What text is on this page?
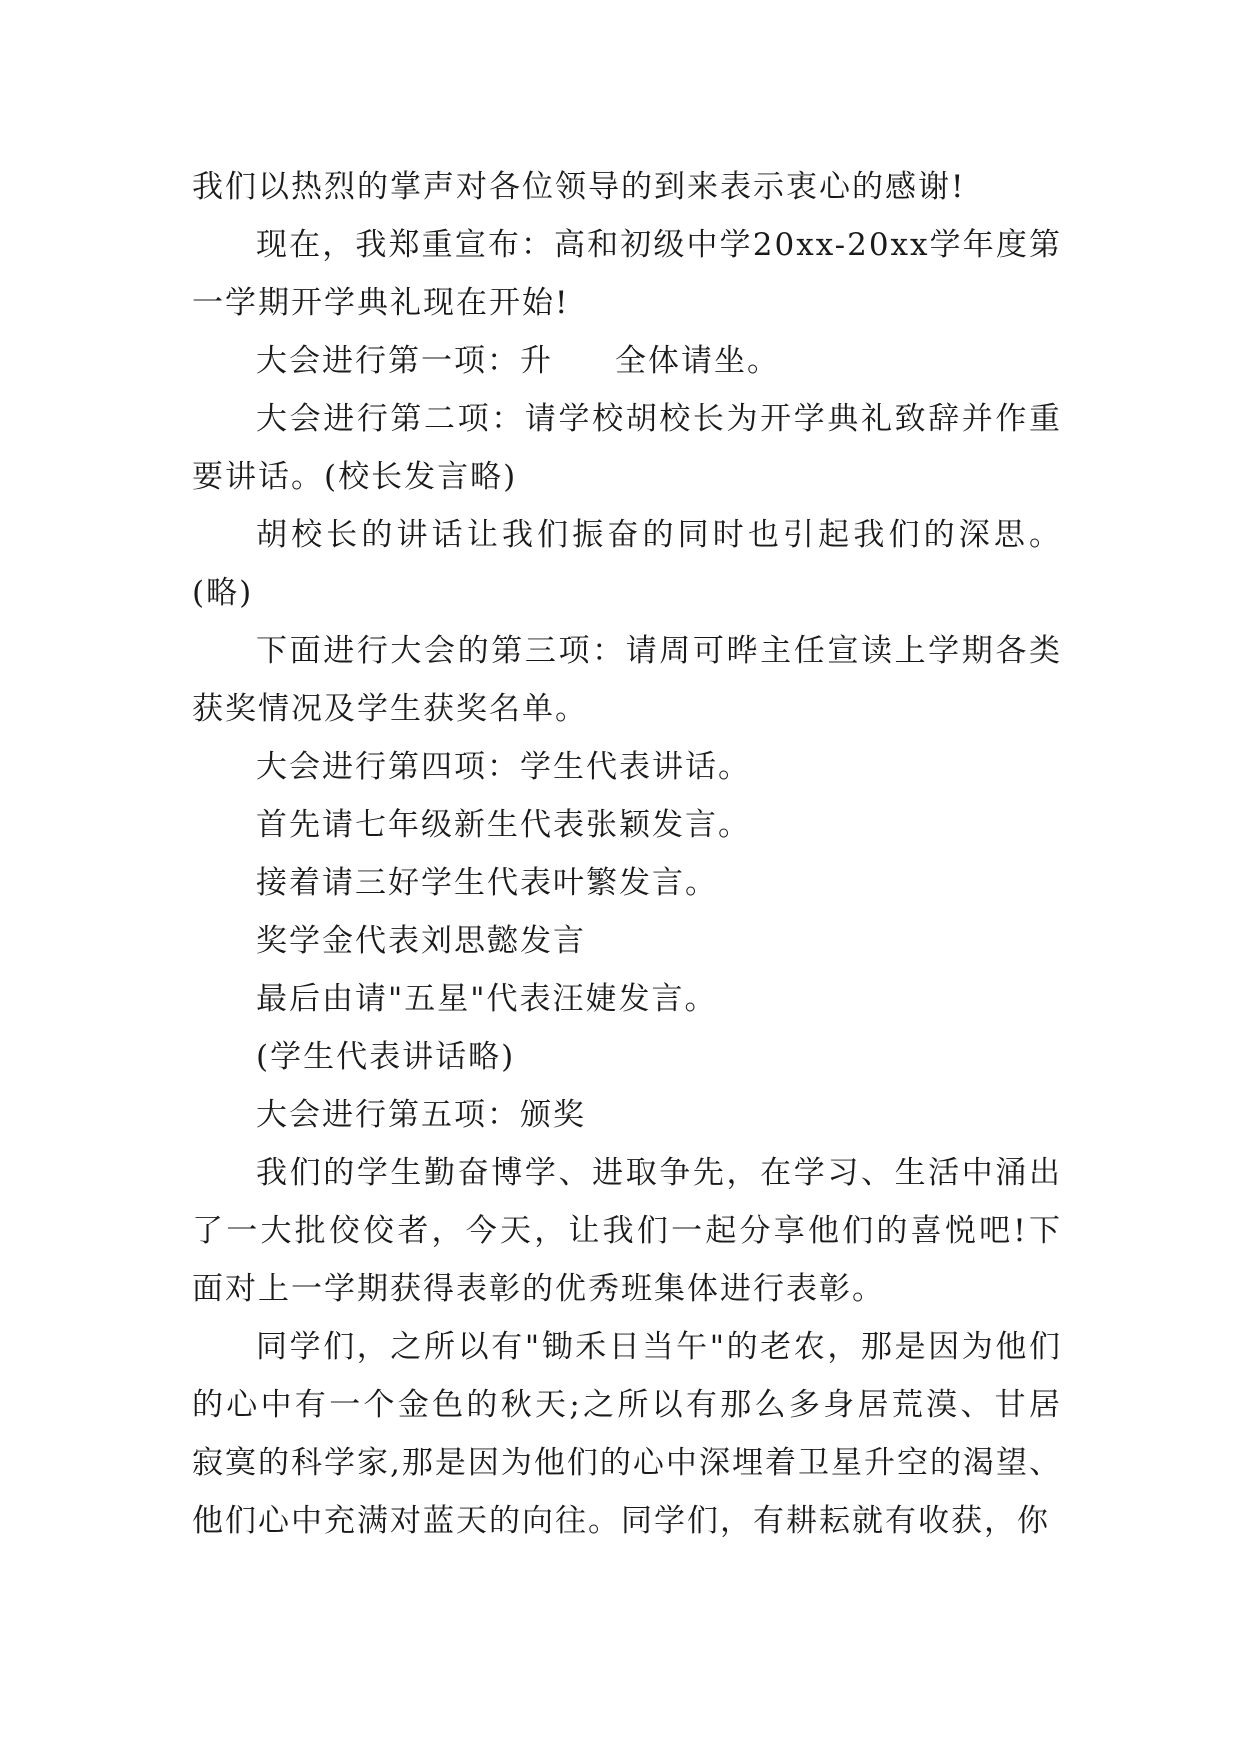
我们以热烈的掌声对各位领导的到来表示衷心的感谢!

现在，我郑重宣布：高和初级中学20xx-20xx学年度第一学期开学典礼现在开始!

大会进行第一项：升 全体请坐。

大会进行第二项：请学校胡校长为开学典礼致辞并作重要讲话。(校长发言略)

胡校长的讲话让我们振奋的同时也引起我们的深思。(略)

下面进行大会的第三项：请周可晔主任宣读上学期各类获奖情况及学生获奖名单。

大会进行第四项：学生代表讲话。

首先请七年级新生代表张颖发言。

接着请三好学生代表叶繁发言。

奖学金代表刘思懿发言

最后由请"五星"代表汪婕发言。

(学生代表讲话略)

大会进行第五项：颁奖

我们的学生勤奋博学、进取争先，在学习、生活中涌出了一大批佼佼者，今天，让我们一起分享他们的喜悦吧!下面对上一学期获得表彰的优秀班集体进行表彰。

同学们，之所以有"锄禾日当午"的老农，那是因为他们的心中有一个金色的秋天;之所以有那么多身居荒漠、甘居寂寞的科学家,那是因为他们的心中深埋着卫星升空的渴望、他们心中充满对蓝天的向往。同学们，有耕耘就有收获，你
